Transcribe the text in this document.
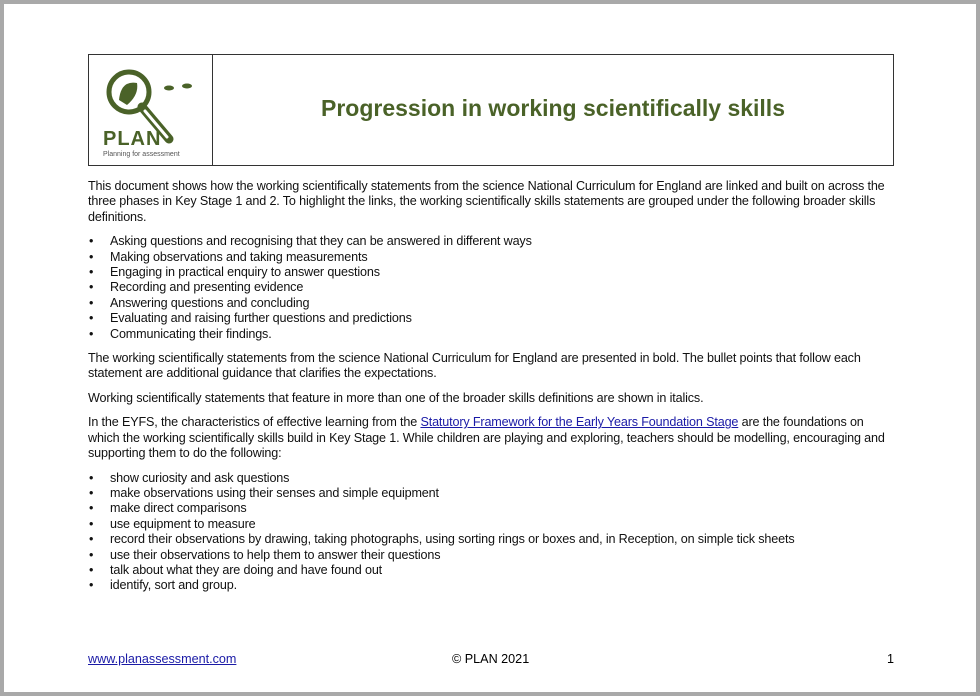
PLAN
Planning for assessment
Progression in working scientifically skills

This document shows how the working scientifically statements from the science National Curriculum for England are linked and built on across the three phases in Key Stage 1 and 2. To highlight the links, the working scientifically skills statements are grouped under the following broader skills definitions.

• Asking questions and recognising that they can be answered in different ways
• Making observations and taking measurements
• Engaging in practical enquiry to answer questions
• Recording and presenting evidence
• Answering questions and concluding
• Evaluating and raising further questions and predictions
• Communicating their findings.

The working scientifically statements from the science National Curriculum for England are presented in bold. The bullet points that follow each statement are additional guidance that clarifies the expectations.

Working scientifically statements that feature in more than one of the broader skills definitions are shown in italics.

In the EYFS, the characteristics of effective learning from the Statutory Framework for the Early Years Foundation Stage are the foundations on which the working scientifically skills build in Key Stage 1. While children are playing and exploring, teachers should be modelling, encouraging and supporting them to do the following:

• show curiosity and ask questions
• make observations using their senses and simple equipment
• make direct comparisons
• use equipment to measure
• record their observations by drawing, taking photographs, using sorting rings or boxes and, in Reception, on simple tick sheets
• use their observations to help them to answer their questions
• talk about what they are doing and have found out
• identify, sort and group.
www.planassessment.com	© PLAN 2021	1
